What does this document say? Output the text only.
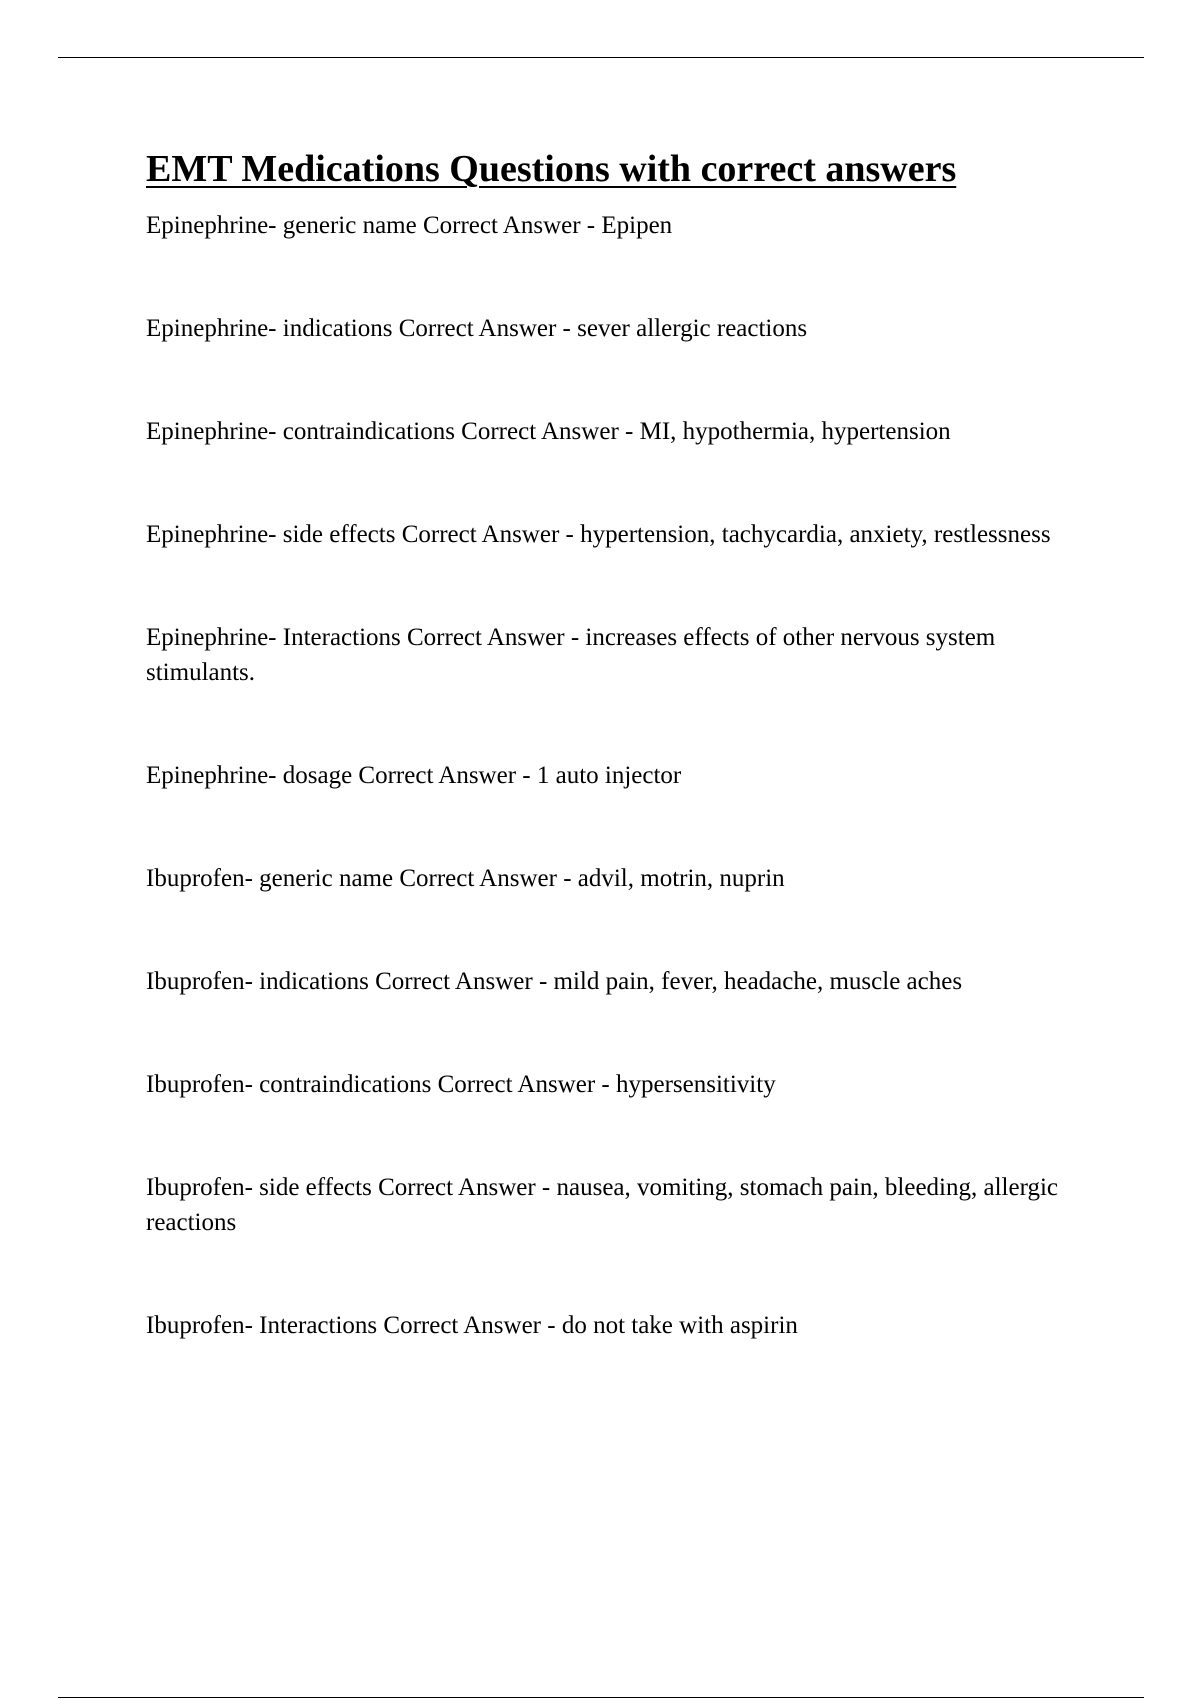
EMT Medications Questions with correct answers
Epinephrine- generic name Correct Answer - Epipen
Epinephrine- indications Correct Answer - sever allergic reactions
Epinephrine- contraindications Correct Answer - MI, hypothermia, hypertension
Epinephrine- side effects Correct Answer - hypertension, tachycardia, anxiety, restlessness
Epinephrine- Interactions Correct Answer - increases effects of other nervous system stimulants.
Epinephrine- dosage Correct Answer - 1 auto injector
Ibuprofen- generic name Correct Answer - advil, motrin, nuprin
Ibuprofen- indications Correct Answer - mild pain, fever, headache, muscle aches
Ibuprofen- contraindications Correct Answer - hypersensitivity
Ibuprofen- side effects Correct Answer - nausea, vomiting, stomach pain, bleeding, allergic reactions
Ibuprofen- Interactions Correct Answer - do not take with aspirin
